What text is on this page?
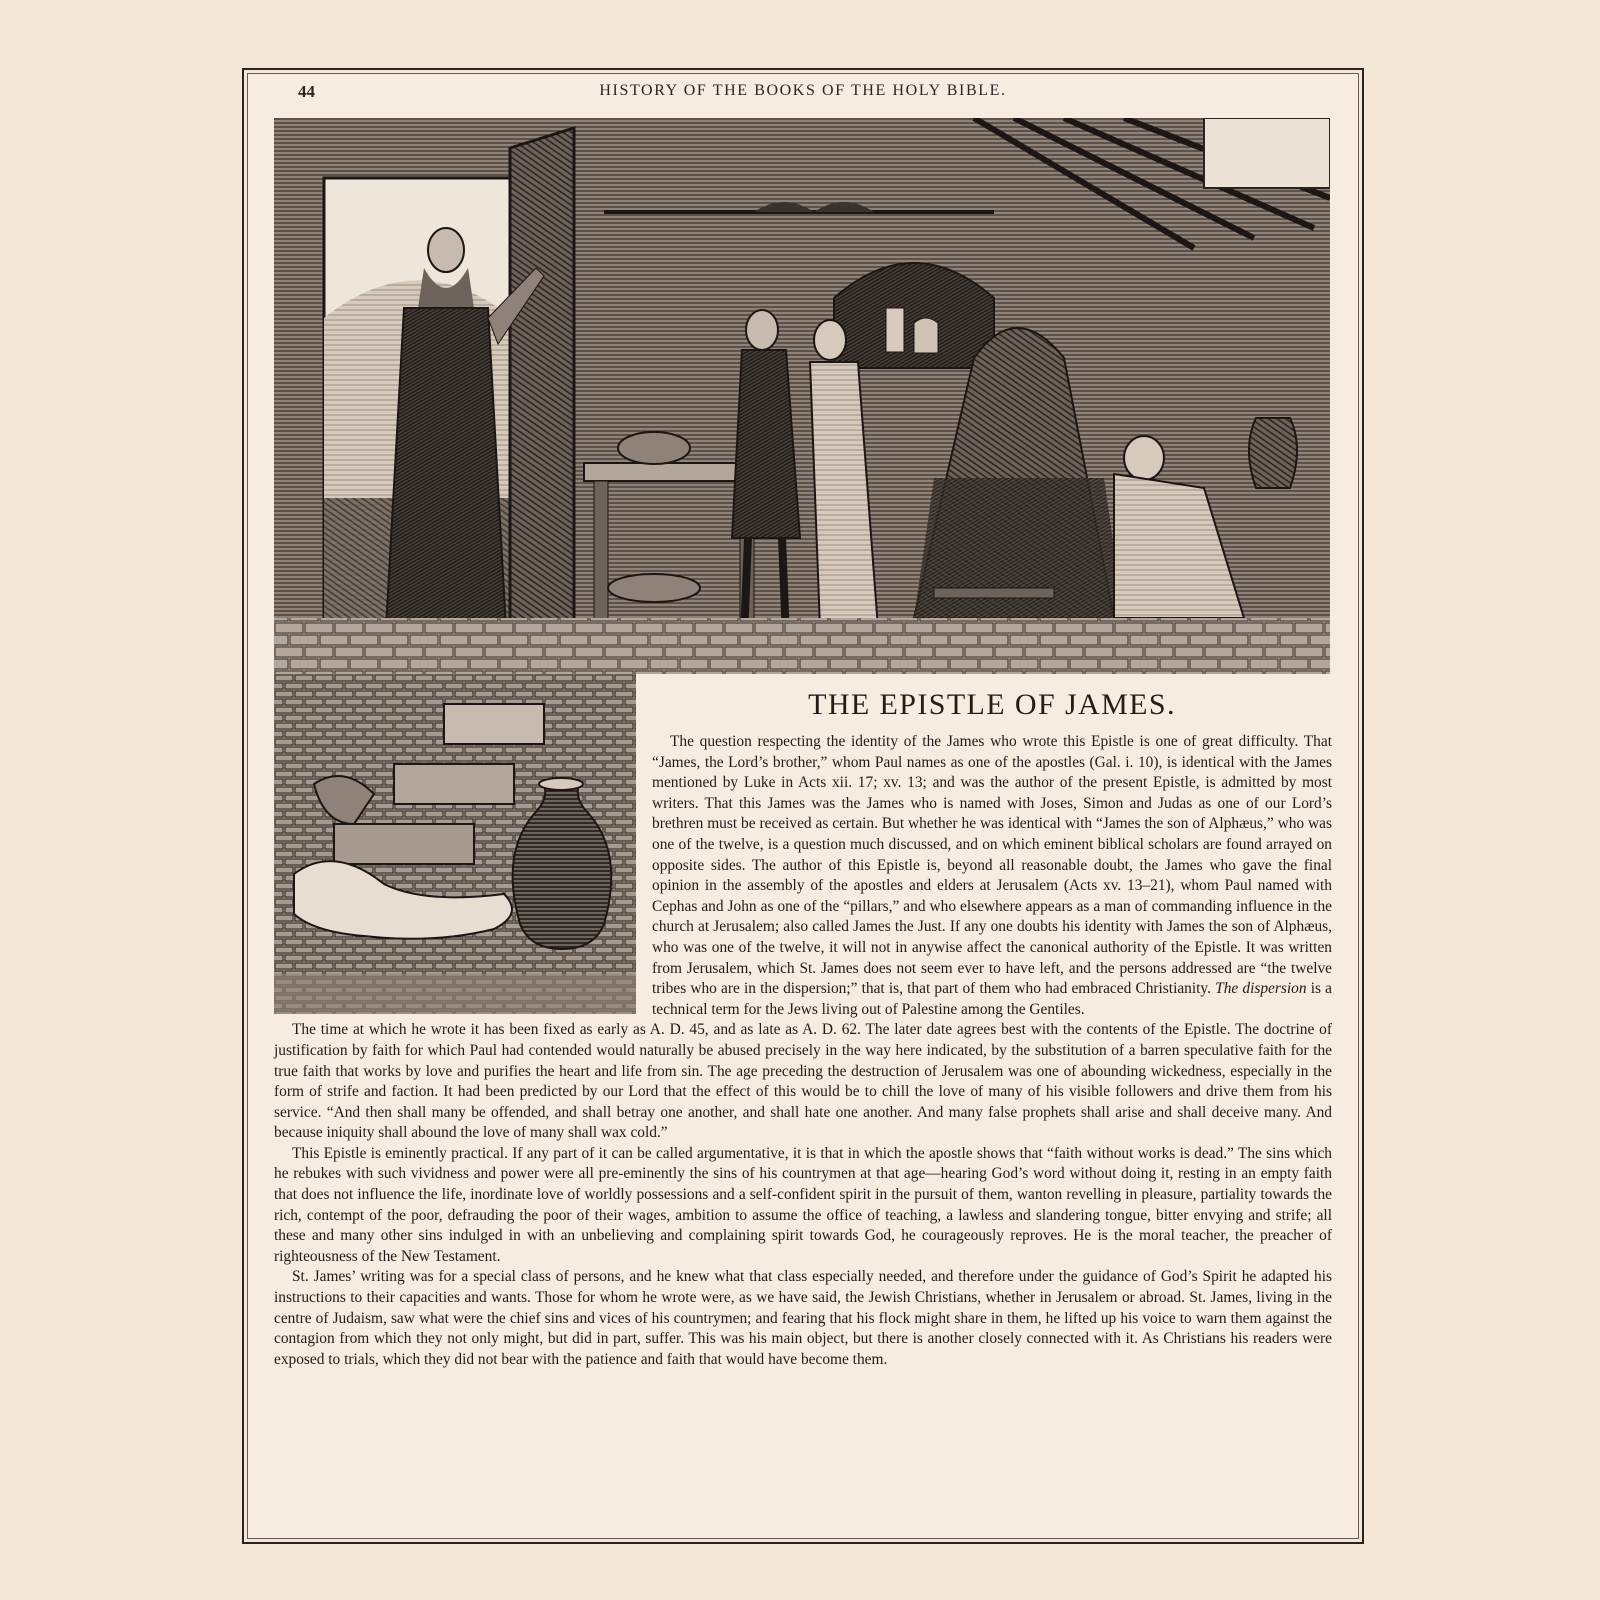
44	HISTORY OF THE BOOKS OF THE HOLY BIBLE.
THE EPISTLE OF JAMES.

The question respecting the identity of the James who wrote this Epistle is one of great difficulty. That “James, the Lord’s brother,” whom Paul names as one of the apostles (Gal. i. 10), is identical with the James mentioned by Luke in Acts xii. 17; xv. 13; and was the author of the present Epistle, is admitted by most writers. That this James was the James who is named with Joses, Simon and Judas as one of our Lord’s brethren must be received as certain. But whether he was identical with “James the son of Alphæus,” who was one of the twelve, is a question much discussed, and on which eminent biblical scholars are found arrayed on opposite sides. The author of this Epistle is, beyond all reasonable doubt, the James who gave the final opinion in the assembly of the apostles and elders at Jerusalem (Acts xv. 13–21), whom Paul named with Cephas and John as one of the “pillars,” and who elsewhere appears as a man of commanding influence in the church at Jerusalem; also called James the Just. If any one doubts his identity with James the son of Alphæus, who was one of the twelve, it will not in anywise affect the canonical authority of the Epistle. It was written from Jerusalem, which St. James does not seem ever to have left, and the persons addressed are “the twelve tribes who are in the dispersion;” that is, that part of them who had embraced Christianity. The dispersion is a technical term for the Jews living out of Palestine among the Gentiles.

The time at which he wrote it has been fixed as early as A. D. 45, and as late as A. D. 62. The later date agrees best with the contents of the Epistle. The doctrine of justification by faith for which Paul had contended would naturally be abused precisely in the way here indicated, by the substitution of a barren speculative faith for the true faith that works by love and purifies the heart and life from sin. The age preceding the destruction of Jerusalem was one of abounding wickedness, especially in the form of strife and faction. It had been predicted by our Lord that the effect of this would be to chill the love of many of his visible followers and drive them from his service. “And then shall many be offended, and shall betray one another, and shall hate one another. And many false prophets shall arise and shall deceive many. And because iniquity shall abound the love of many shall wax cold.”

This Epistle is eminently practical. If any part of it can be called argumentative, it is that in which the apostle shows that “faith without works is dead.” The sins which he rebukes with such vividness and power were all pre-eminently the sins of his countrymen at that age—hearing God’s word without doing it, resting in an empty faith that does not influence the life, inordinate love of worldly possessions and a self-confident spirit in the pursuit of them, wanton revelling in pleasure, partiality towards the rich, contempt of the poor, defrauding the poor of their wages, ambition to assume the office of teaching, a lawless and slandering tongue, bitter envying and strife; all these and many other sins indulged in with an unbelieving and complaining spirit towards God, he courageously reproves. He is the moral teacher, the preacher of righteousness of the New Testament.

St. James’ writing was for a special class of persons, and he knew what that class especially needed, and therefore under the guidance of God’s Spirit he adapted his instructions to their capacities and wants. Those for whom he wrote were, as we have said, the Jewish Christians, whether in Jerusalem or abroad. St. James, living in the centre of Judaism, saw what were the chief sins and vices of his countrymen; and fearing that his flock might share in them, he lifted up his voice to warn them against the contagion from which they not only might, but did in part, suffer. This was his main object, but there is another closely connected with it. As Christians his readers were exposed to trials, which they did not bear with the patience and faith that would have become them.
